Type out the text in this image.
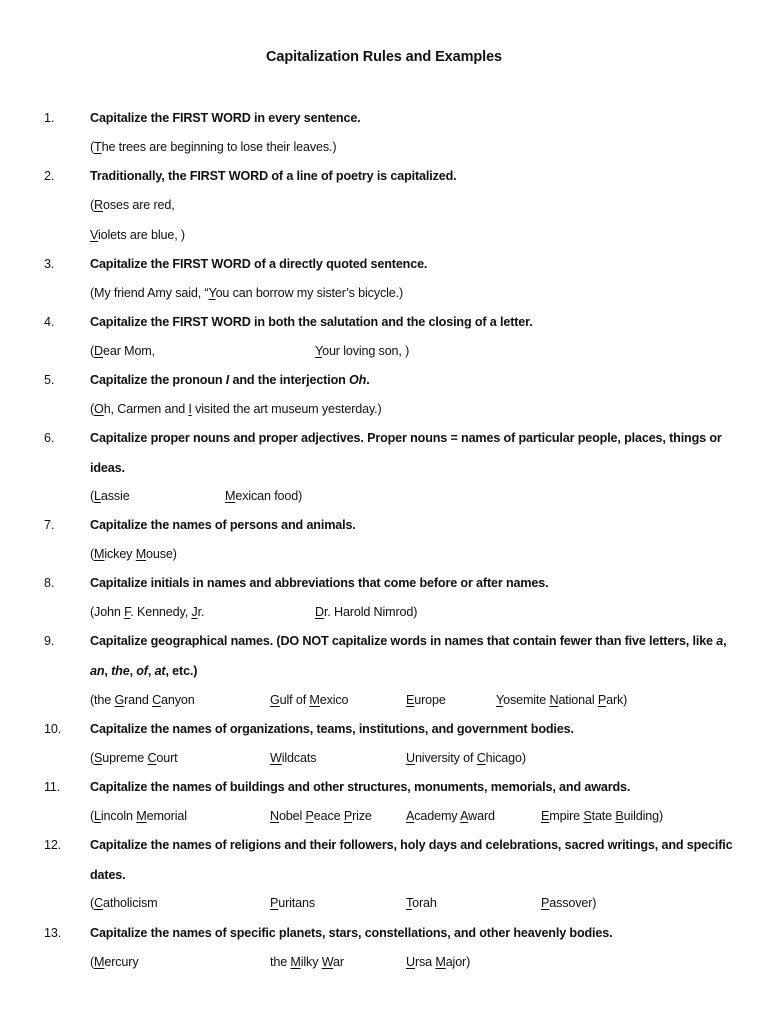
Capitalization Rules and Examples
1.	Capitalize the FIRST WORD in every sentence.
2.	Traditionally, the FIRST WORD of a line of poetry is capitalized.
3.	Capitalize the FIRST WORD of a directly quoted sentence.
4.	Capitalize the FIRST WORD in both the salutation and the closing of a letter.
5.	Capitalize the pronoun I and the interjection Oh.
6.	Capitalize proper nouns and proper adjectives. Proper nouns = names of particular people, places, things or
ideas.
7.	Capitalize the names of persons and animals.
8.	Capitalize initials in names and abbreviations that come before or after names.
9.	Capitalize geographical names. (DO NOT capitalize words in names that contain fewer than five letters, like a,
an, the, of, at, etc.)
10. Capitalize the names of organizations, teams, institutions, and government bodies.
11. Capitalize the names of buildings and other structures, monuments, memorials, and awards.
12. Capitalize the names of religions and their followers, holy days and celebrations, sacred writings, and specific
dates.
13. Capitalize the names of specific planets, stars, constellations, and other heavenly bodies.
(The trees are beginning to lose their leaves.)
(Roses are red,
Violets are blue, )
(My friend Amy said, “You can borrow my sister’s bicycle.)
(Dear Mom,	Your loving son, )
(Oh, Carmen and I visited the art museum yesterday.)
(Lassie	Mexican food)
(Mickey Mouse)
(John F. Kennedy, Jr.	Dr. Harold Nimrod)
(the Grand Canyon	Gulf of Mexico	Europe	Yosemite National Park)
(Supreme Court	Wildcats	University of Chicago)
(Lincoln Memorial	Nobel Peace Prize	Academy Award	Empire State Building)
(Catholicism	Puritans	Torah	Passover)
(Mercury	the Milky War	Ursa Major)
